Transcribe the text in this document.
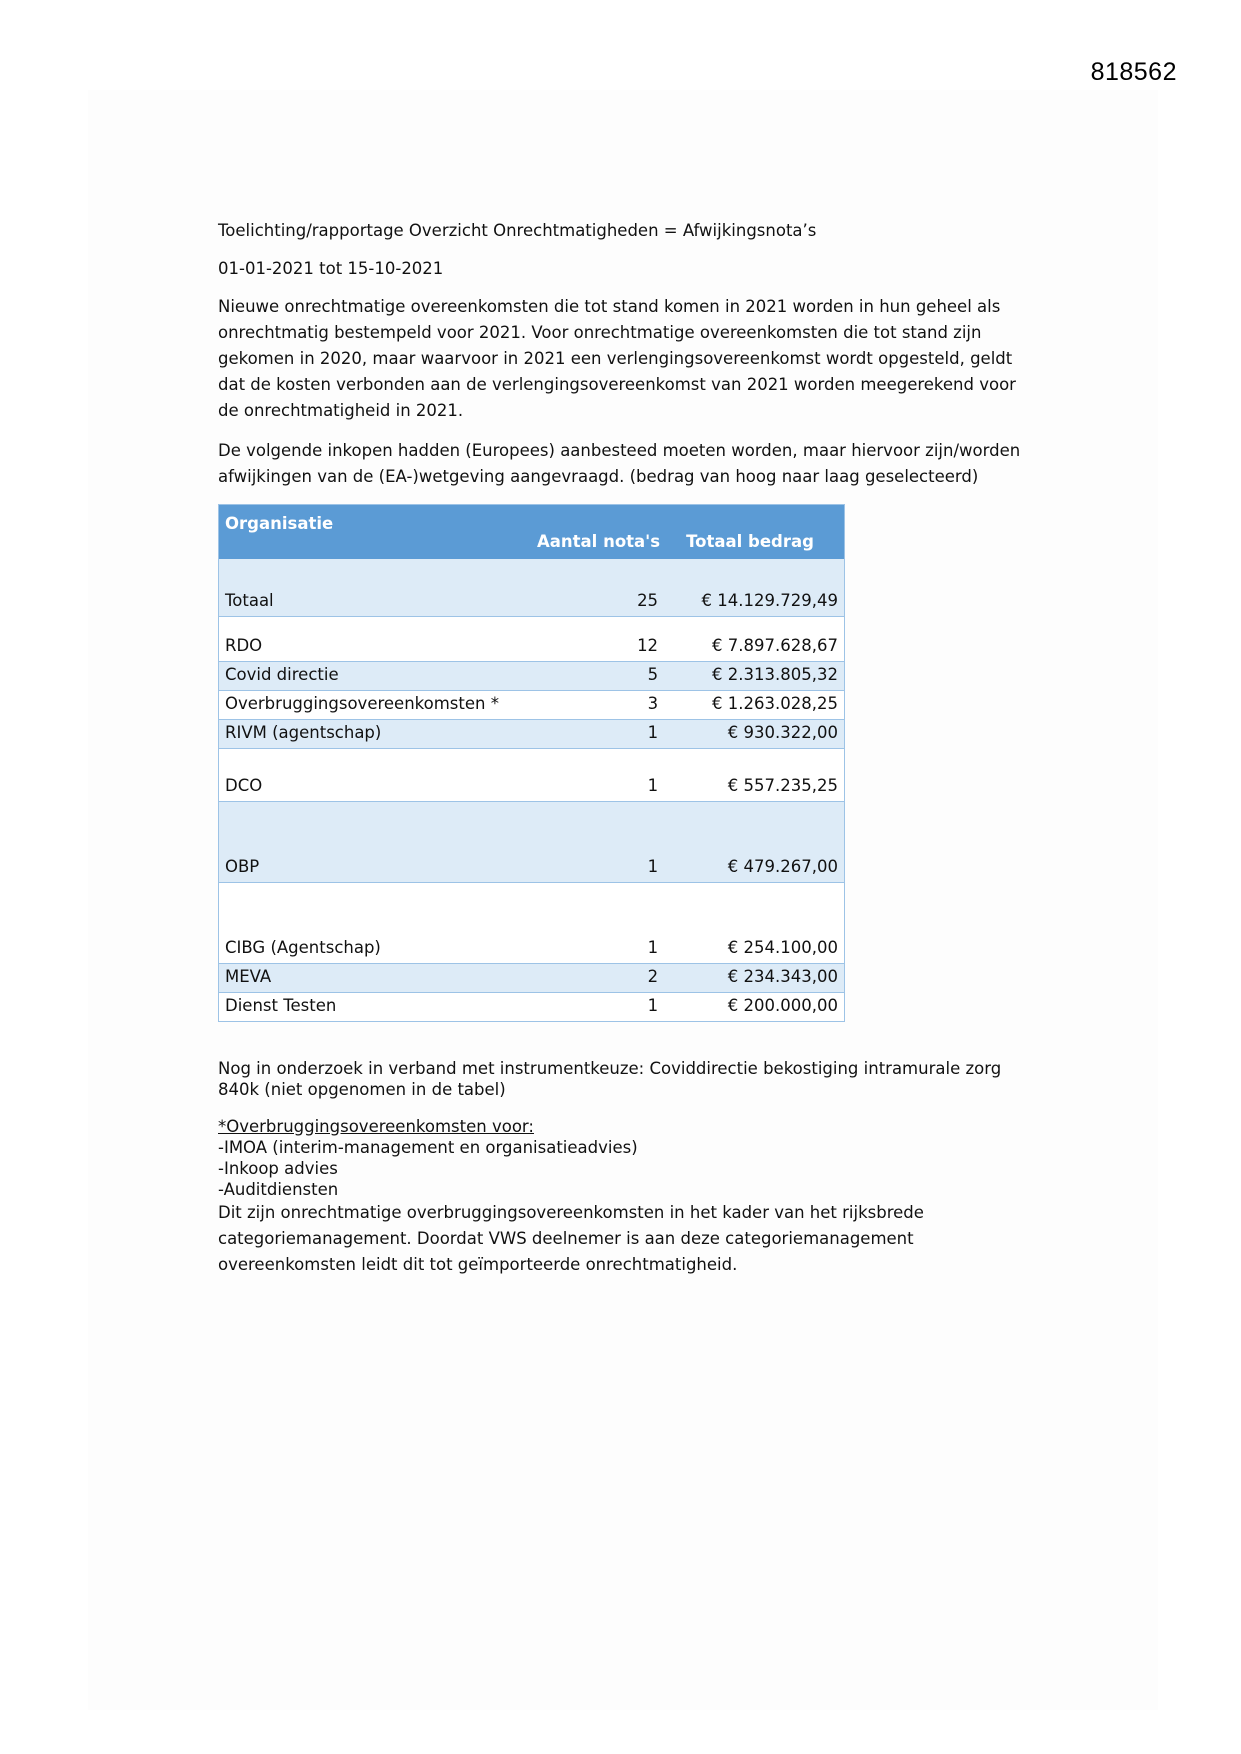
818562

Toelichting/rapportage Overzicht Onrechtmatigheden = Afwijkingsnota’s

01-01-2021 tot 15-10-2021

Nieuwe onrechtmatige overeenkomsten die tot stand komen in 2021 worden in hun geheel als onrechtmatig bestempeld voor 2021. Voor onrechtmatige overeenkomsten die tot stand zijn gekomen in 2020, maar waarvoor in 2021 een verlengingsovereenkomst wordt opgesteld, geldt dat de kosten verbonden aan de verlengingsovereenkomst van 2021 worden meegerekend voor de onrechtmatigheid in 2021.

De volgende inkopen hadden (Europees) aanbesteed moeten worden, maar hiervoor zijn/worden afwijkingen van de (EA-)wetgeving aangevraagd. (bedrag van hoog naar laag geselecteerd)

Organisatie	Aantal nota's	Totaal bedrag
Totaal	25	€ 14.129.729,49
RDO	12	€ 7.897.628,67
Covid directie	5	€ 2.313.805,32
Overbruggingsovereenkomsten *	3	€ 1.263.028,25
RIVM (agentschap)	1	€ 930.322,00
DCO	1	€ 557.235,25
OBP	1	€ 479.267,00
CIBG (Agentschap)	1	€ 254.100,00
MEVA	2	€ 234.343,00
Dienst Testen	1	€ 200.000,00

Nog in onderzoek in verband met instrumentkeuze: Coviddirectie bekostiging intramurale zorg 840k (niet opgenomen in de tabel)

*Overbruggingsovereenkomsten voor:
-IMOA (interim-management en organisatieadvies)
-Inkoop advies
-Auditdiensten

Dit zijn onrechtmatige overbruggingsovereenkomsten in het kader van het rijksbrede categoriemanagement. Doordat VWS deelnemer is aan deze categoriemanagement overeenkomsten leidt dit tot geïmporteerde onrechtmatigheid.
